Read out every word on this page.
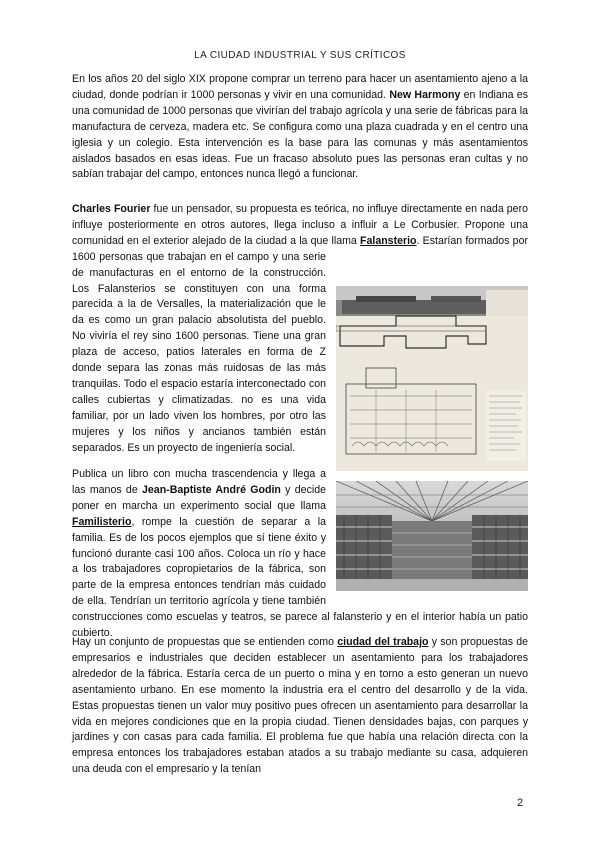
LA CIUDAD INDUSTRIAL Y SUS CRÍTICOS

En los años 20 del siglo XIX propone comprar un terreno para hacer un asentamiento ajeno a la ciudad, donde podrían ir 1000 personas y vivir en una comunidad. New Harmony en Indiana es una comunidad de 1000 personas que vivirían del trabajo agrícola y una serie de fábricas para la manufactura de cerveza, madera etc. Se configura como una plaza cuadrada y en el centro una iglesia y un colegio. Esta intervención es la base para las comunas y más asentamientos aislados basados en esas ideas. Fue un fracaso absoluto pues las personas eran cultas y no sabían trabajar del campo, entonces nunca llegó a funcionar.

Charles Fourier fue un pensador, su propuesta es teórica, no influye directamente en nada pero influye posteriormente en otros autores, llega incluso a influir a Le Corbusier. Propone una comunidad en el exterior alejado de la ciudad a la que llama
Falansterio. Estarían formados por 1600 personas que trabajan en el campo y una serie de manufacturas en el entorno de la construcción. Los Falansterios se constituyen con una forma parecida a la de Versalles, la materialización que le da es como un gran palacio absolutista del pueblo. No viviría el rey sino 1600 personas. Tiene una gran plaza de acceso, patios laterales en forma de Z donde separa las zonas más ruidosas de las más tranquilas. Todo el espacio estaría interconectado con calles cubiertas y climatizadas. no es una vida familiar, por un lado viven los hombres, por otro las mujeres y los niños y ancianos también están separados. Es un proyecto de ingeniería social.
Publica un libro con mucha trascendencia y llega a las manos de Jean-Baptiste André Godin y decide poner en marcha un experimento social que llama Familisterio, rompe la cuestión de separar a la familia. Es de los pocos ejemplos que sí tiene éxito y funcionó durante casi 100 años. Coloca un río y hace a los trabajadores copropietarios de la fábrica, son parte de la empresa entonces tendrían más cuidado de ella. Tendrían un territorio agrícola y tiene también construcciones como escuelas y teatros, se parece al falansterio y en el interior había un patio cubierto.

Hay un conjunto de propuestas que se entienden como ciudad del trabajo y son propuestas de empresarios e industriales que deciden establecer un asentamiento para los trabajadores alrededor de la fábrica. Estaría cerca de un puerto o mina y en torno a esto generan un nuevo asentamiento urbano. En ese momento la industria era el centro del desarrollo y de la vida. Estas propuestas tienen un valor muy positivo pues ofrecen un asentamiento para desarrollar la vida en mejores condiciones que en la propia ciudad. Tienen densidades bajas, con parques y jardines y con casas para cada familia. El problema fue que había una relación directa con la empresa entonces los trabajadores estaban atados a su trabajo mediante su casa, adquieren una deuda con el empresario y la tenían

2
